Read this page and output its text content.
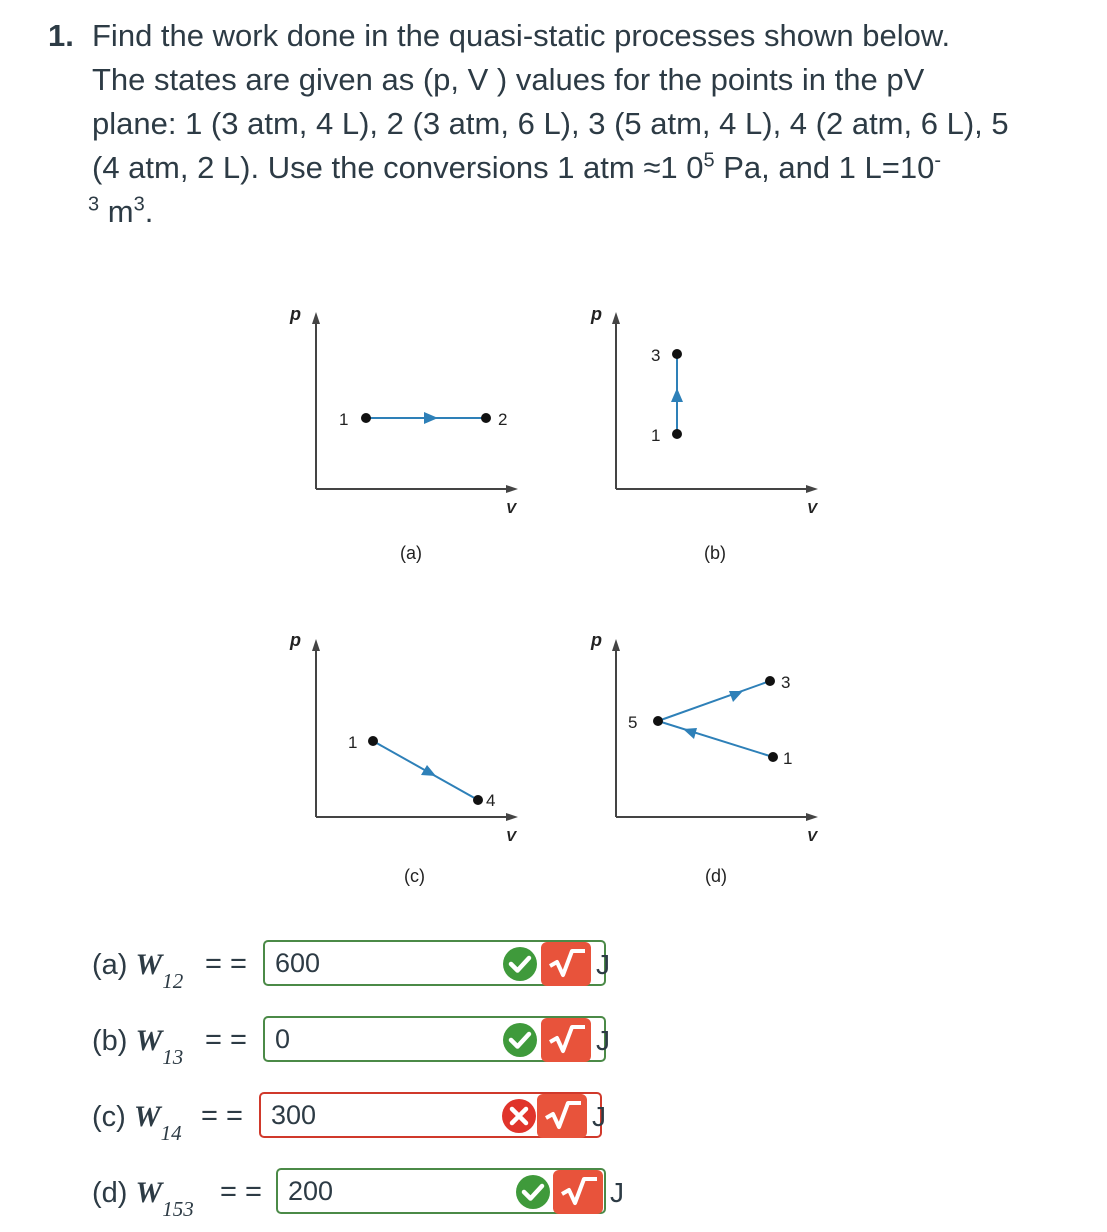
1. Find the work done in the quasi-static processes shown below.
The states are given as (p, V ) values for the points in the pV
plane: 1 (3 atm, 4 L), 2 (3 atm, 6 L), 3 (5 atm, 4 L), 4 (2 atm, 6 L), 5
(4 atm, 2 L). Use the conversions 1 atm ≈1 $0^5$ Pa, and 1 L=10-
$^3$ $m^3$.
p
V
1	2
(a)
p
V
1
3
(b)
p
V
1
4
(c)
p
V
1
5
3
(d)
(a) $W_{12}$
= =	600	J
(b) $W_{13}$
= =	0	J
(c) $W_{14}$
= =	300	J
(d) $W_{153}$
= = 200	J
